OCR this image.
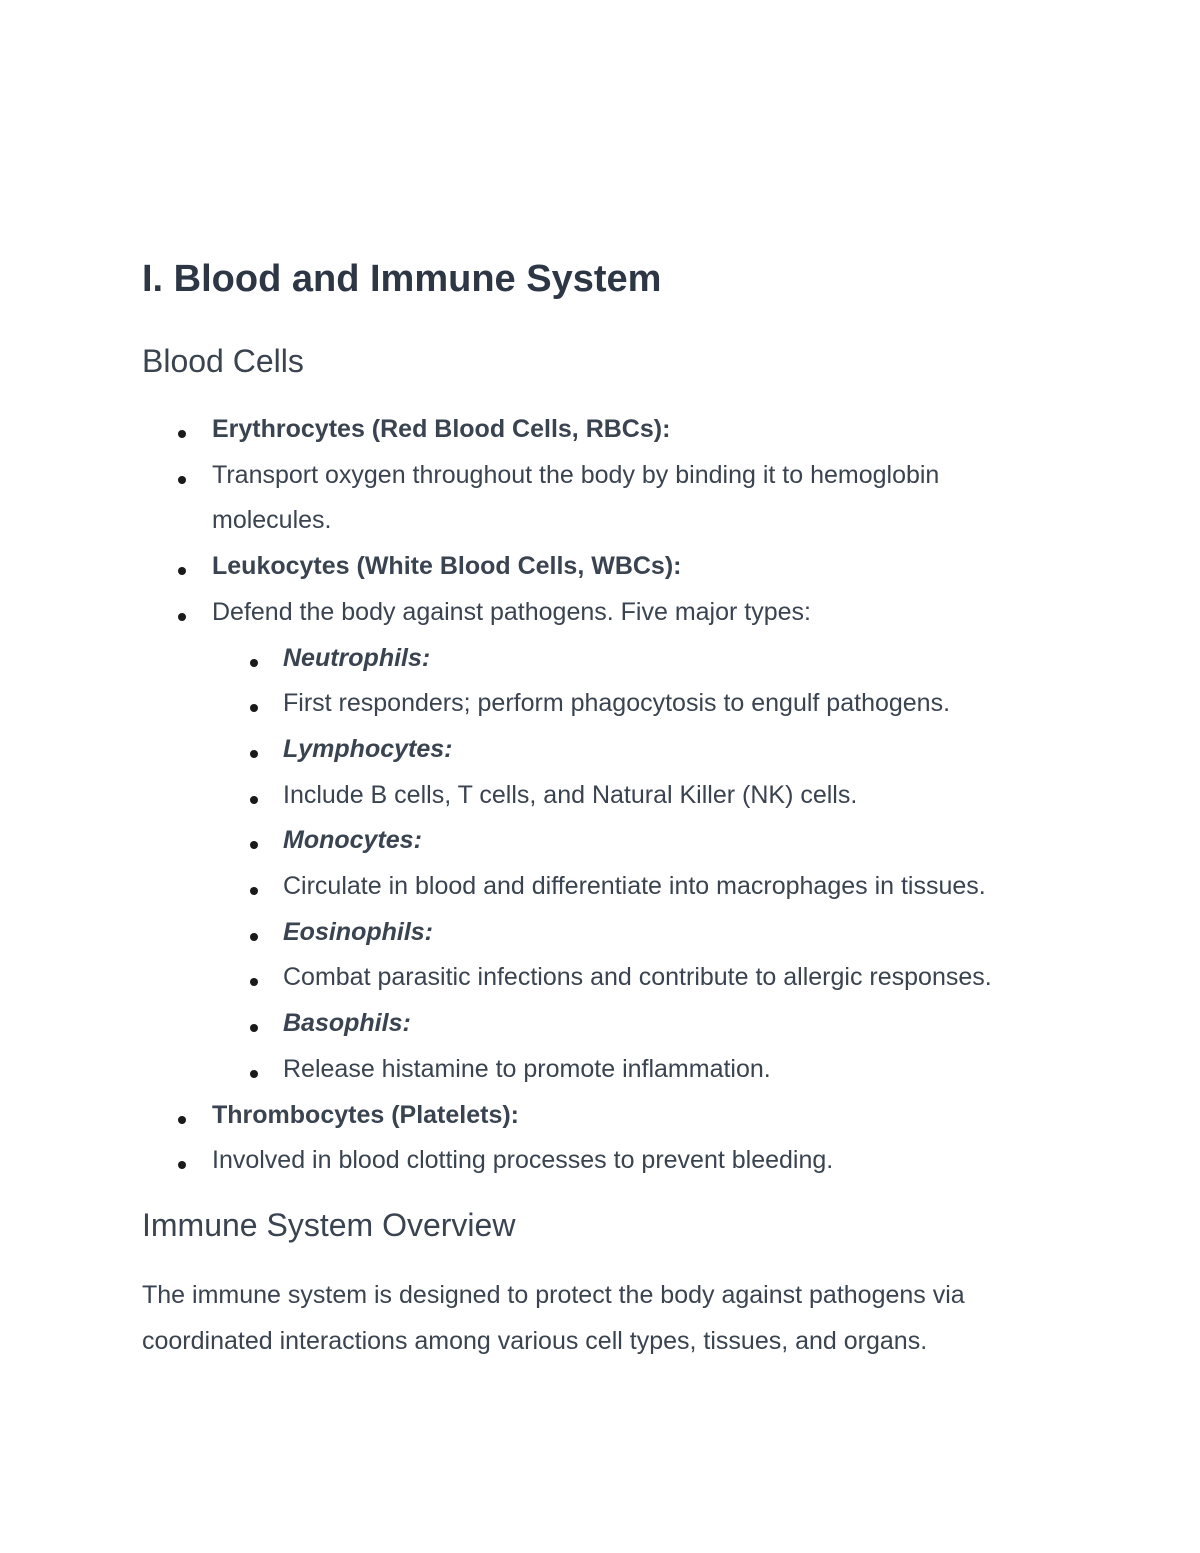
I. Blood and Immune System
Blood Cells
Erythrocytes (Red Blood Cells, RBCs):
Transport oxygen throughout the body by binding it to hemoglobin molecules.
Leukocytes (White Blood Cells, WBCs):
Defend the body against pathogens. Five major types:
Neutrophils:
First responders; perform phagocytosis to engulf pathogens.
Lymphocytes:
Include B cells, T cells, and Natural Killer (NK) cells.
Monocytes:
Circulate in blood and differentiate into macrophages in tissues.
Eosinophils:
Combat parasitic infections and contribute to allergic responses.
Basophils:
Release histamine to promote inflammation.
Thrombocytes (Platelets):
Involved in blood clotting processes to prevent bleeding.
Immune System Overview

The immune system is designed to protect the body against pathogens via coordinated interactions among various cell types, tissues, and organs.
